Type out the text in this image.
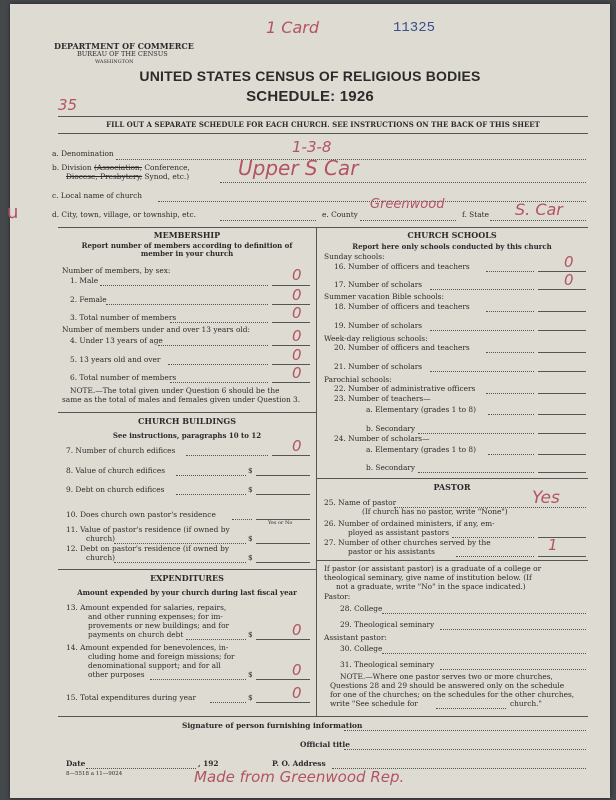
1 Card	11325
35
u
DEPARTMENT OF COMMERCE
BUREAU OF THE CENSUS
WASHINGTON
UNITED STATES CENSUS OF RELIGIOUS BODIES
SCHEDULE: 1926
FILL OUT A SEPARATE SCHEDULE FOR EACH CHURCH. SEE INSTRUCTIONS ON THE BACK OF THIS SHEET
a. Denomination	1-3-8
b. Division (Association, Conference,
Diocese, Presbytery, Synod, etc.) Upper S Car
c. Local name of church
d. City, town, village, or township, etc.	e. County
Greenwood
f. State S. Car
MEMBERSHIP
Report number of members according to definition of member in your church
Number of members, by sex:
1. Male	0
2. Female	0
3. Total number of members	0
Number of members under and over 13 years old:
4. Under 13 years of age	0
5. 13 years old and over	0
6. Total number of members	0
NOTE.—The total given under Question 6 should be the
same as the total of males and females given under Question 3.
CHURCH BUILDINGS
See instructions, paragraphs 10 to 12
7. Number of church edifices	0
8. Value of church edifices	$
9. Debt on church edifices	$
10. Does church own pastor's residence
Yes or No
11. Value of pastor's residence (if owned by
church)	$
12. Debt on pastor's residence (if owned by
church)	$
EXPENDITURES
Amount expended by your church during last fiscal year
13. Amount expended for salaries, repairs,
and other running expenses; for im-
provements or new buildings; and for
payments on church debt	$	0
14. Amount expended for benevolences, in-
cluding home and foreign missions; for
denominational support; and for all
other purposes	$	0
15. Total expenditures during year	$	0
CHURCH SCHOOLS
Report here only schools conducted by this church
Sunday schools:
16. Number of officers and teachers	0
17. Number of scholars	0
Summer vacation Bible schools:
18. Number of officers and teachers
19. Number of scholars
Week-day religious schools:
20. Number of officers and teachers
21. Number of scholars
Parochial schools:
22. Number of administrative officers
23. Number of teachers—
a. Elementary (grades 1 to 8)
b. Secondary
24. Number of scholars—
a. Elementary (grades 1 to 8)
b. Secondary
PASTOR
25. Name of pastor	Yes
(If church has no pastor, write "None")
26. Number of ordained ministers, if any, em-
ployed as assistant pastors
27. Number of other churches served by the
pastor or his assistants	1
If pastor (or assistant pastor) is a graduate of a college or
theological seminary, give name of institution below. (If
not a graduate, write "No" in the space indicated.)
Pastor:
28. College
29. Theological seminary
Assistant pastor:
30. College
31. Theological seminary
NOTE.—Where one pastor serves two or more churches,
Questions 28 and 29 should be answered only on the schedule
for one of the churches; on the schedules for the other churches,
write "See schedule for	church."
Signature of person furnishing information
Official title
Date	, 192	P. O. Address
8—5518 a 11—9024	Made from Greenwood Rep.
